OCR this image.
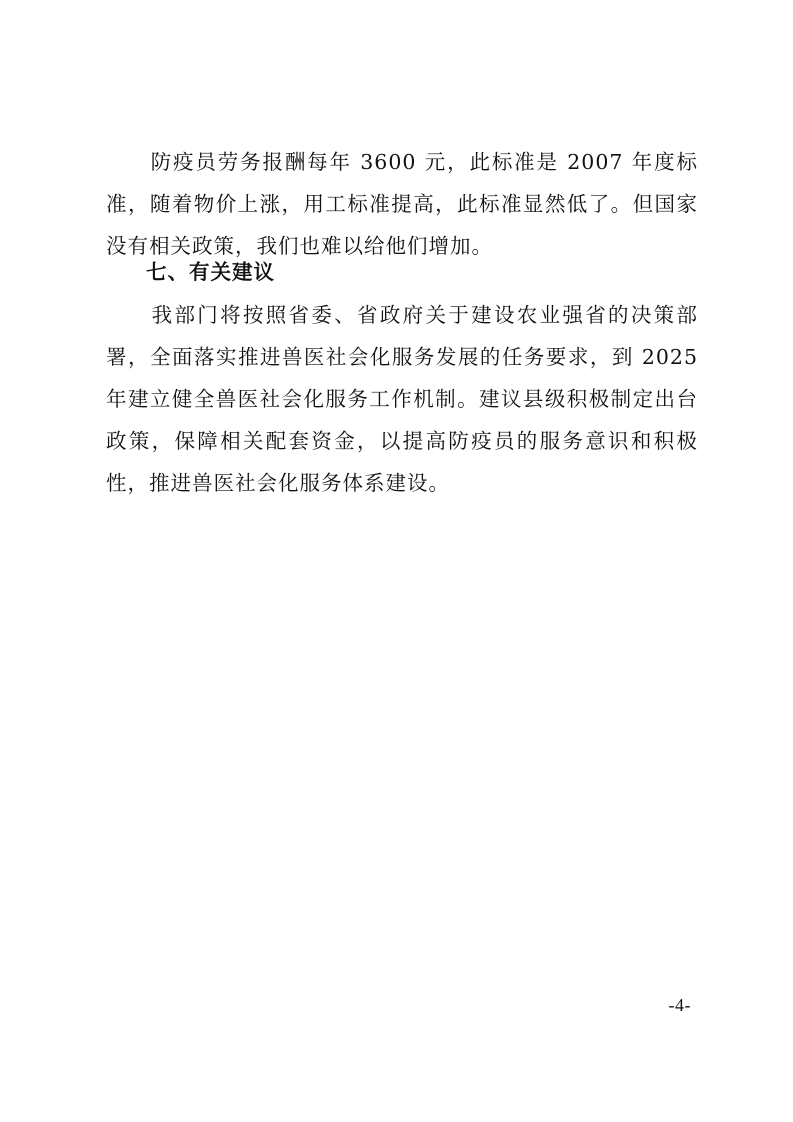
　　防疫员劳务报酬每年 3600 元，此标准是 2007 年度标准，随着物价上涨，用工标准提高，此标准显然低了。但国家没有相关政策，我们也难以给他们增加。

七、有关建议

　　我部门将按照省委、省政府关于建设农业强省的决策部署，全面落实推进兽医社会化服务发展的任务要求，到 2025 年建立健全兽医社会化服务工作机制。建议县级积极制定出台政策，保障相关配套资金，以提高防疫员的服务意识和积极性，推进兽医社会化服务体系建设。

-4-
